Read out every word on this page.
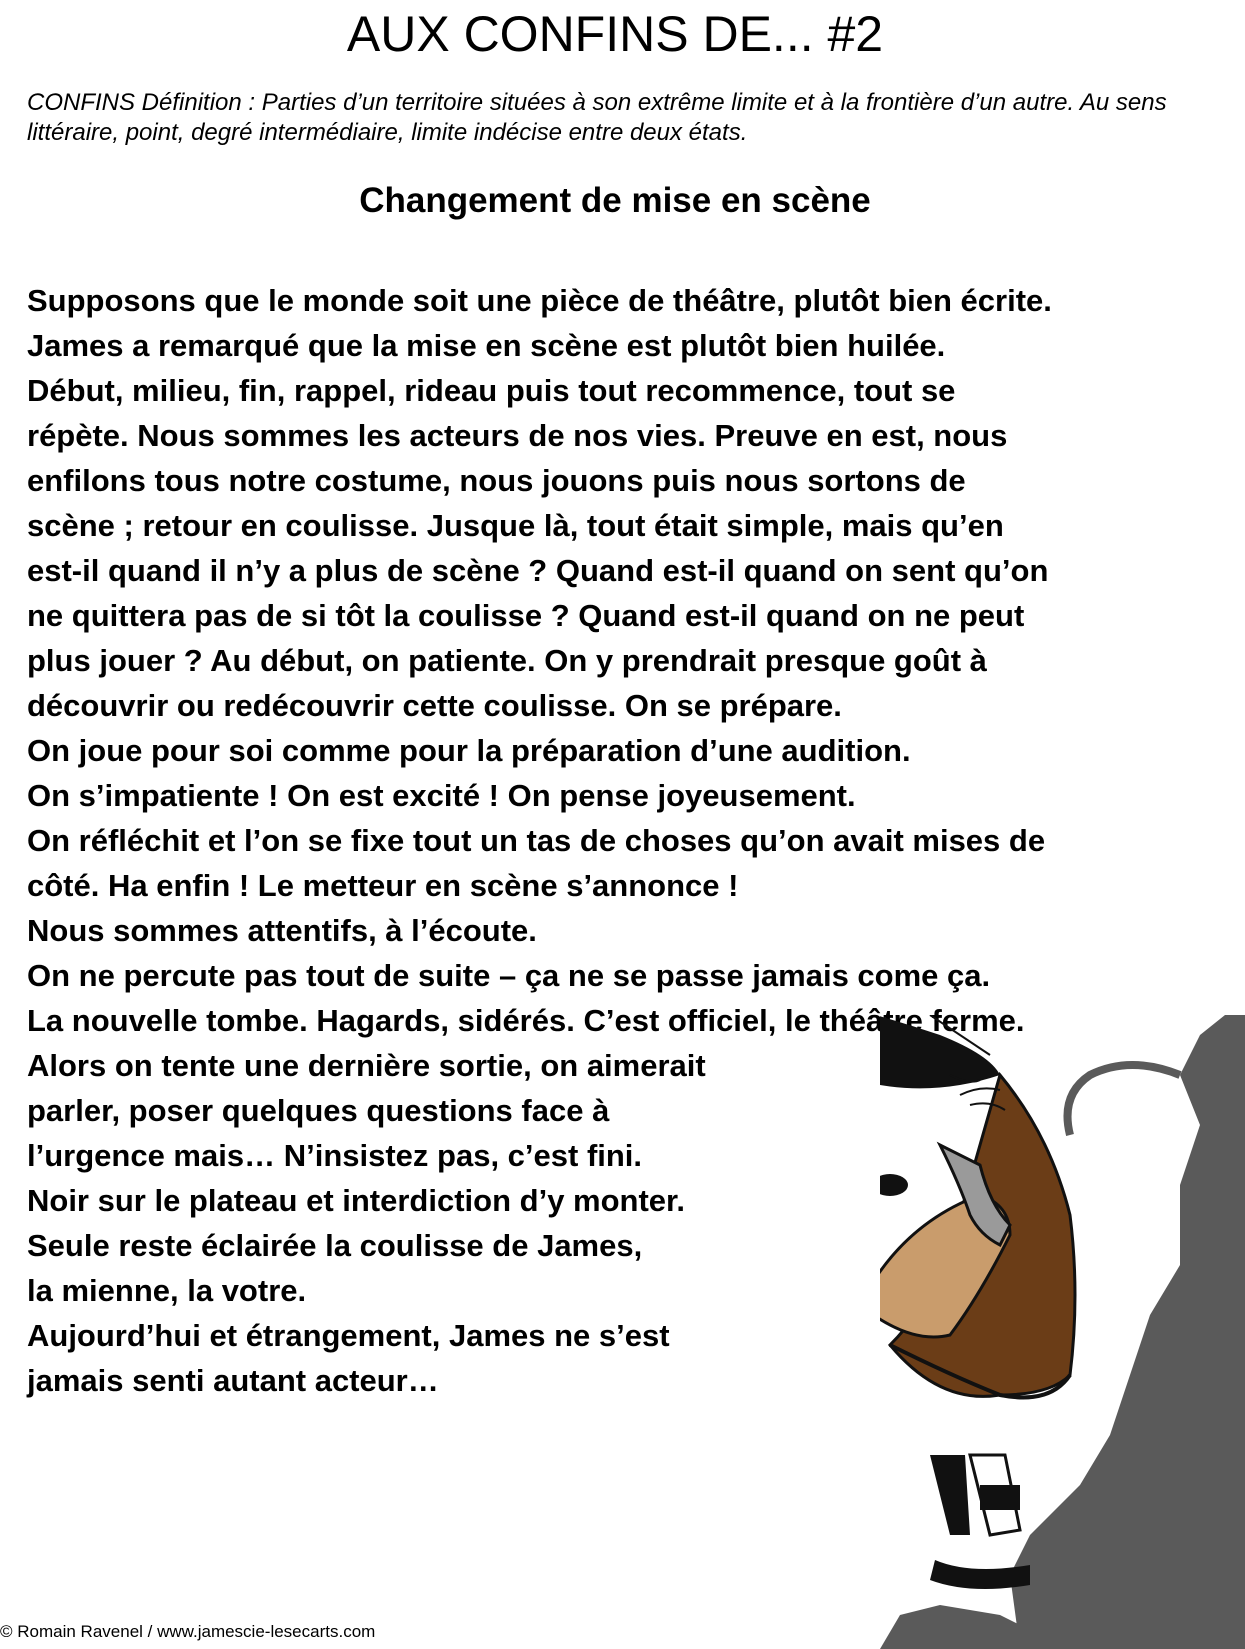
AUX CONFINS DE... #2

CONFINS Définition : Parties d’un territoire situées à son extrême limite et à la frontière d’un autre. Au sens littéraire, point, degré intermédiaire, limite indécise entre deux états.

Changement de mise en scène
Supposons que le monde soit une pièce de théâtre, plutôt bien écrite.
James a remarqué que la mise en scène est plutôt bien huilée.
Début, milieu, fin, rappel, rideau puis tout recommence, tout se
répète. Nous sommes les acteurs de nos vies. Preuve en est, nous
enfilons tous notre costume, nous jouons puis nous sortons de
scène ; retour en coulisse. Jusque là, tout était simple, mais qu’en
est-il quand il n’y a plus de scène ? Quand est-il quand on sent qu’on
ne quittera pas de si tôt la coulisse ? Quand est-il quand on ne peut
plus jouer ? Au début, on patiente. On y prendrait presque goût à
découvrir ou redécouvrir cette coulisse. On se prépare.
On joue pour soi comme pour la préparation d’une audition.
On s’impatiente ! On est excité ! On pense joyeusement.
On réfléchit et l’on se fixe tout un tas de choses qu’on avait mises de
côté. Ha enfin ! Le metteur en scène s’annonce !
Nous sommes attentifs, à l’écoute.
On ne percute pas tout de suite – ça ne se passe jamais come ça.
La nouvelle tombe. Hagards, sidérés. C’est officiel, le théâtre ferme.
Alors on tente une dernière sortie, on aimerait
parler, poser quelques questions face à
l’urgence mais… N’insistez pas, c’est fini.
Noir sur le plateau et interdiction d’y monter.
Seule reste éclairée la coulisse de James,
la mienne, la votre.
Aujourd’hui et étrangement, James ne s’est
jamais senti autant acteur…

© Romain Ravenel / www.jamescie-lesecarts.com
